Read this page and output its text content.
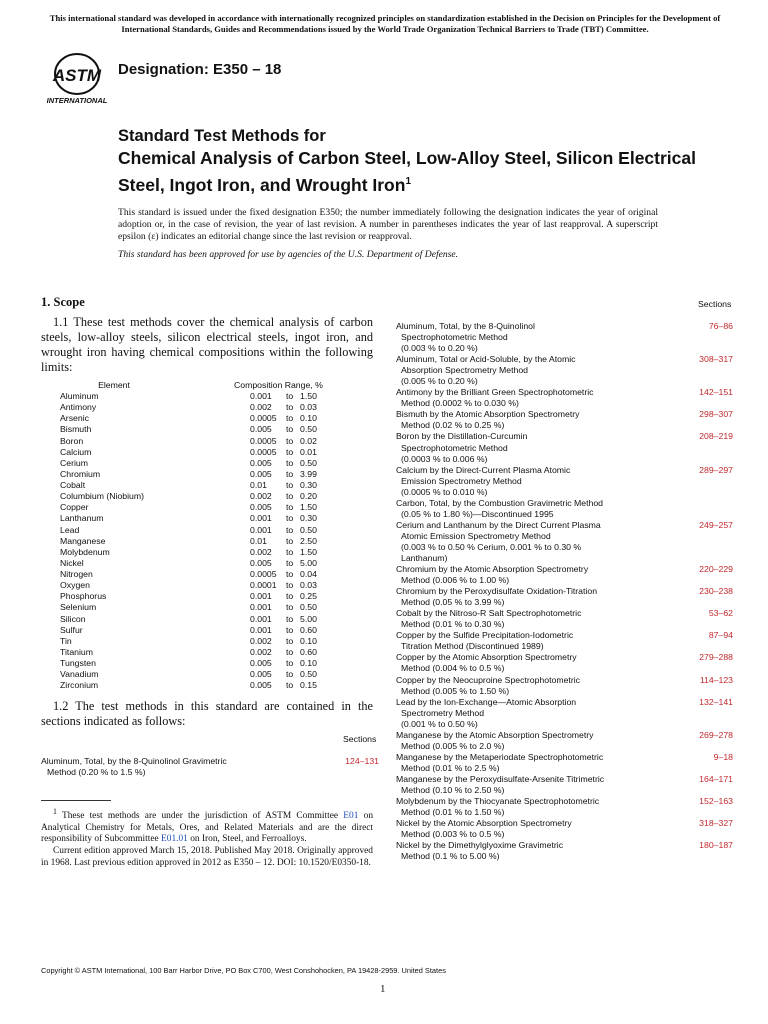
This international standard was developed in accordance with internationally recognized principles on standardization established in the Decision on Principles for the Development of International Standards, Guides and Recommendations issued by the World Trade Organization Technical Barriers to Trade (TBT) Committee.
ASTM
INTERNATIONAL
Designation: E350 – 18
Standard Test Methods for
Chemical Analysis of Carbon Steel, Low-Alloy Steel, Silicon Electrical Steel, Ingot Iron, and Wrought Iron$^1$
This standard is issued under the fixed designation E350; the number immediately following the designation indicates the year of original adoption or, in the case of revision, the year of last revision. A number in parentheses indicates the year of last reapproval. A superscript epsilon (ε) indicates an editorial change since the last revision or reapproval.
This standard has been approved for use by agencies of the U.S. Department of Defense.
1. Scope
1.1 These test methods cover the chemical analysis of carbon steels, low-alloy steels, silicon electrical steels, ingot iron, and wrought iron having chemical compositions within the following limits:
Element	Composition Range, %
Aluminum	0.001	to 1.50
Antimony	0.002	to 0.03
Arsenic	0.0005	to 0.10
Bismuth	0.005	to 0.50
Boron	0.0005	to 0.02
Calcium	0.0005	to 0.01
Cerium	0.005	to 0.50
Chromium	0.005	to 3.99
Cobalt	0.01	to 0.30
Columbium (Niobium)	0.002	to 0.20
Copper	0.005	to 1.50
Lanthanum	0.001	to 0.30
Lead	0.001	to 0.50
Manganese	0.01	to 2.50
Molybdenum	0.002	to 1.50
Nickel	0.005	to 5.00
Nitrogen	0.0005	to 0.04
Oxygen	0.0001	to 0.03
Phosphorus	0.001	to 0.25
Selenium	0.001	to 0.50
Silicon	0.001	to 5.00
Sulfur	0.001	to 0.60
Tin	0.002	to 0.10
Titanium	0.002	to 0.60
Tungsten	0.005	to 0.10
Vanadium	0.005	to 0.50
Zirconium	0.005	to 0.15
1.2 The test methods in this standard are contained in the sections indicated as follows:
Sections
Aluminum, Total, by the 8-Quinolinol Gravimetric
Method (0.20 % to 1.5 %)
124–131
$^1$ These test methods are under the jurisdiction of ASTM Committee E01 on Analytical Chemistry for Metals, Ores, and Related Materials and are the direct responsibility of Subcommittee E01.01 on Iron, Steel, and Ferroalloys.
Current edition approved March 15, 2018. Published May 2018. Originally approved in 1968. Last previous edition approved in 2012 as E350 – 12. DOI: 10.1520/E0350-18.
Sections
Aluminum, Total, by the 8-Quinolinol
Spectrophotometric Method
(0.003 % to 0.20 %)
76–86
Aluminum, Total or Acid-Soluble, by the Atomic
Absorption Spectrometry Method
(0.005 % to 0.20 %)
308–317
Antimony by the Brilliant Green Spectrophotometric
Method (0.0002 % to 0.030 %)
142–151
Bismuth by the Atomic Absorption Spectrometry
Method (0.02 % to 0.25 %)
298–307
Boron by the Distillation-Curcumin
Spectrophotometric Method
(0.0003 % to 0.006 %)
208–219
Calcium by the Direct-Current Plasma Atomic
Emission Spectrometry Method
(0.0005 % to 0.010 %)
289–297
Carbon, Total, by the Combustion Gravimetric Method
(0.05 % to 1.80 %)—Discontinued 1995
Cerium and Lanthanum by the Direct Current Plasma
Atomic Emission Spectrometry Method
(0.003 % to 0.50 % Cerium, 0.001 % to 0.30 %
Lanthanum)
249–257
Chromium by the Atomic Absorption Spectrometry
Method (0.006 % to 1.00 %)
220–229
Chromium by the Peroxydisulfate Oxidation-Titration
Method (0.05 % to 3.99 %)
230–238
Cobalt by the Nitroso-R Salt Spectrophotometric
Method (0.01 % to 0.30 %)
53–62
Copper by the Sulfide Precipitation-Iodometric
Titration Method (Discontinued 1989)
87–94
Copper by the Atomic Absorption Spectrometry
Method (0.004 % to 0.5 %)
279–288
Copper by the Neocuproine Spectrophotometric
Method (0.005 % to 1.50 %)
114–123
Lead by the Ion-Exchange—Atomic Absorption
Spectrometry Method
(0.001 % to 0.50 %)
132–141
Manganese by the Atomic Absorption Spectrometry
Method (0.005 % to 2.0 %)
269–278
Manganese by the Metaperiodate Spectrophotometric
Method (0.01 % to 2.5 %)
9–18
Manganese by the Peroxydisulfate-Arsenite Titrimetric
Method (0.10 % to 2.50 %)
164–171
Molybdenum by the Thiocyanate Spectrophotometric
Method (0.01 % to 1.50 %)
152–163
Nickel by the Atomic Absorption Spectrometry
Method (0.003 % to 0.5 %)
318–327
Nickel by the Dimethylglyoxime Gravimetric
Method (0.1 % to 5.00 %)
180–187
Copyright © ASTM International, 100 Barr Harbor Drive, PO Box C700, West Conshohocken, PA 19428-2959. United States
1
